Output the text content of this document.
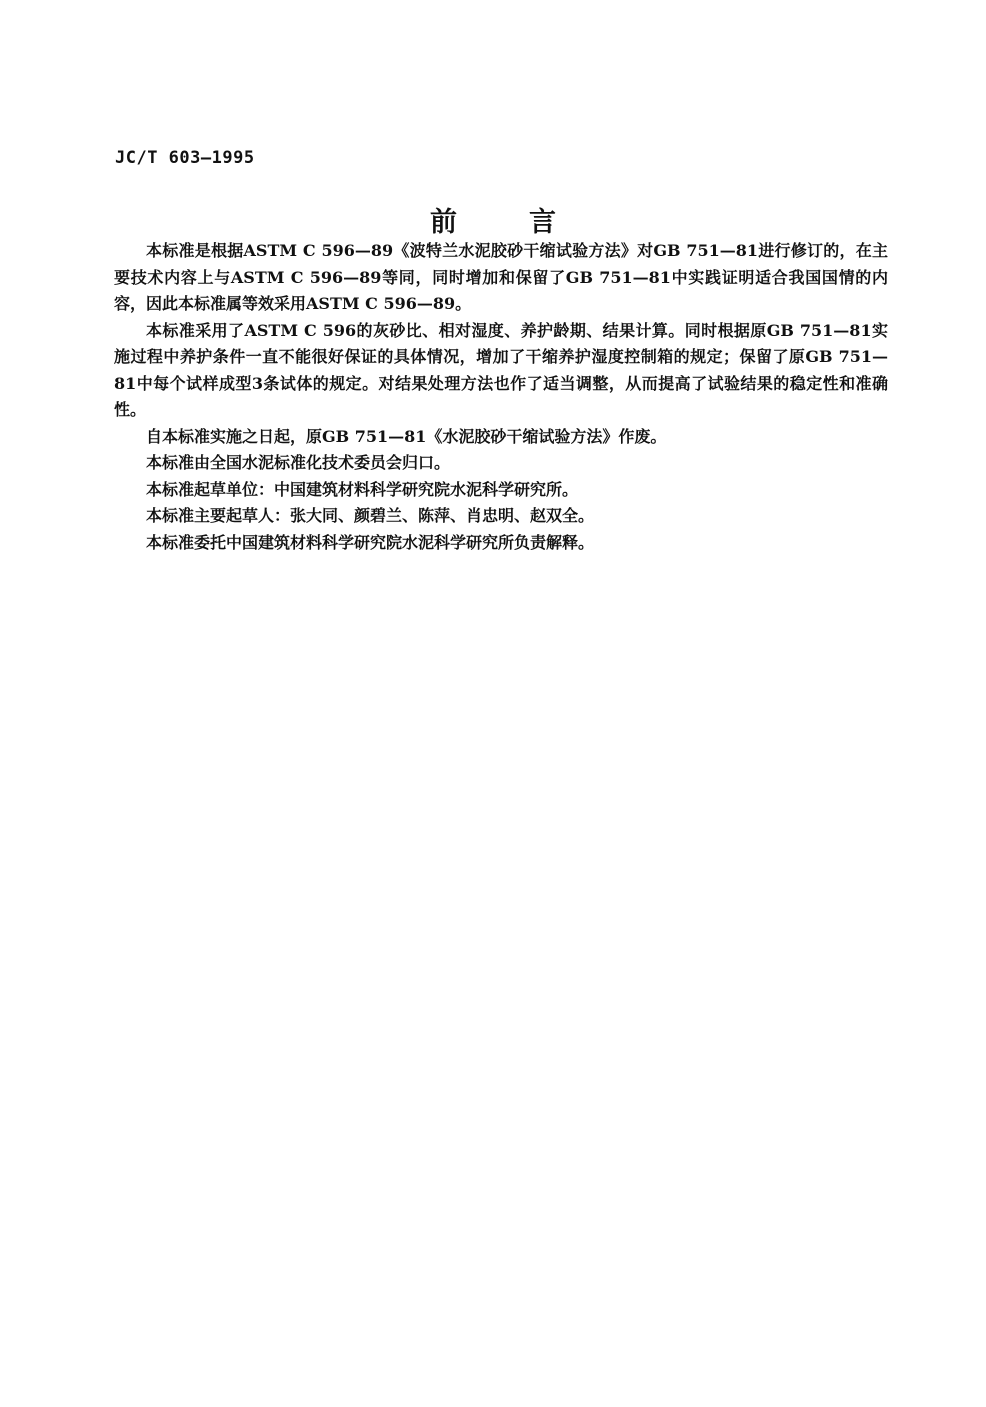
JC/T 603—1995
前	言

本标准是根据ASTM C 596—89《波特兰水泥胶砂干缩试验方法》对GB 751—81进行修订的，在主要技术内容上与ASTM C 596—89等同，同时增加和保留了GB 751—81中实践证明适合我国国情的内容，因此本标准属等效采用ASTM C 596—89。

本标准采用了ASTM C 596的灰砂比、相对湿度、养护龄期、结果计算。同时根据原GB 751—81实施过程中养护条件一直不能很好保证的具体情况，增加了干缩养护湿度控制箱的规定；保留了原GB 751—81中每个试样成型3条试体的规定。对结果处理方法也作了适当调整，从而提高了试验结果的稳定性和准确性。

自本标准实施之日起，原GB 751—81《水泥胶砂干缩试验方法》作废。

本标准由全国水泥标准化技术委员会归口。

本标准起草单位：中国建筑材料科学研究院水泥科学研究所。

本标准主要起草人：张大同、颜碧兰、陈萍、肖忠明、赵双全。

本标准委托中国建筑材料科学研究院水泥科学研究所负责解释。
